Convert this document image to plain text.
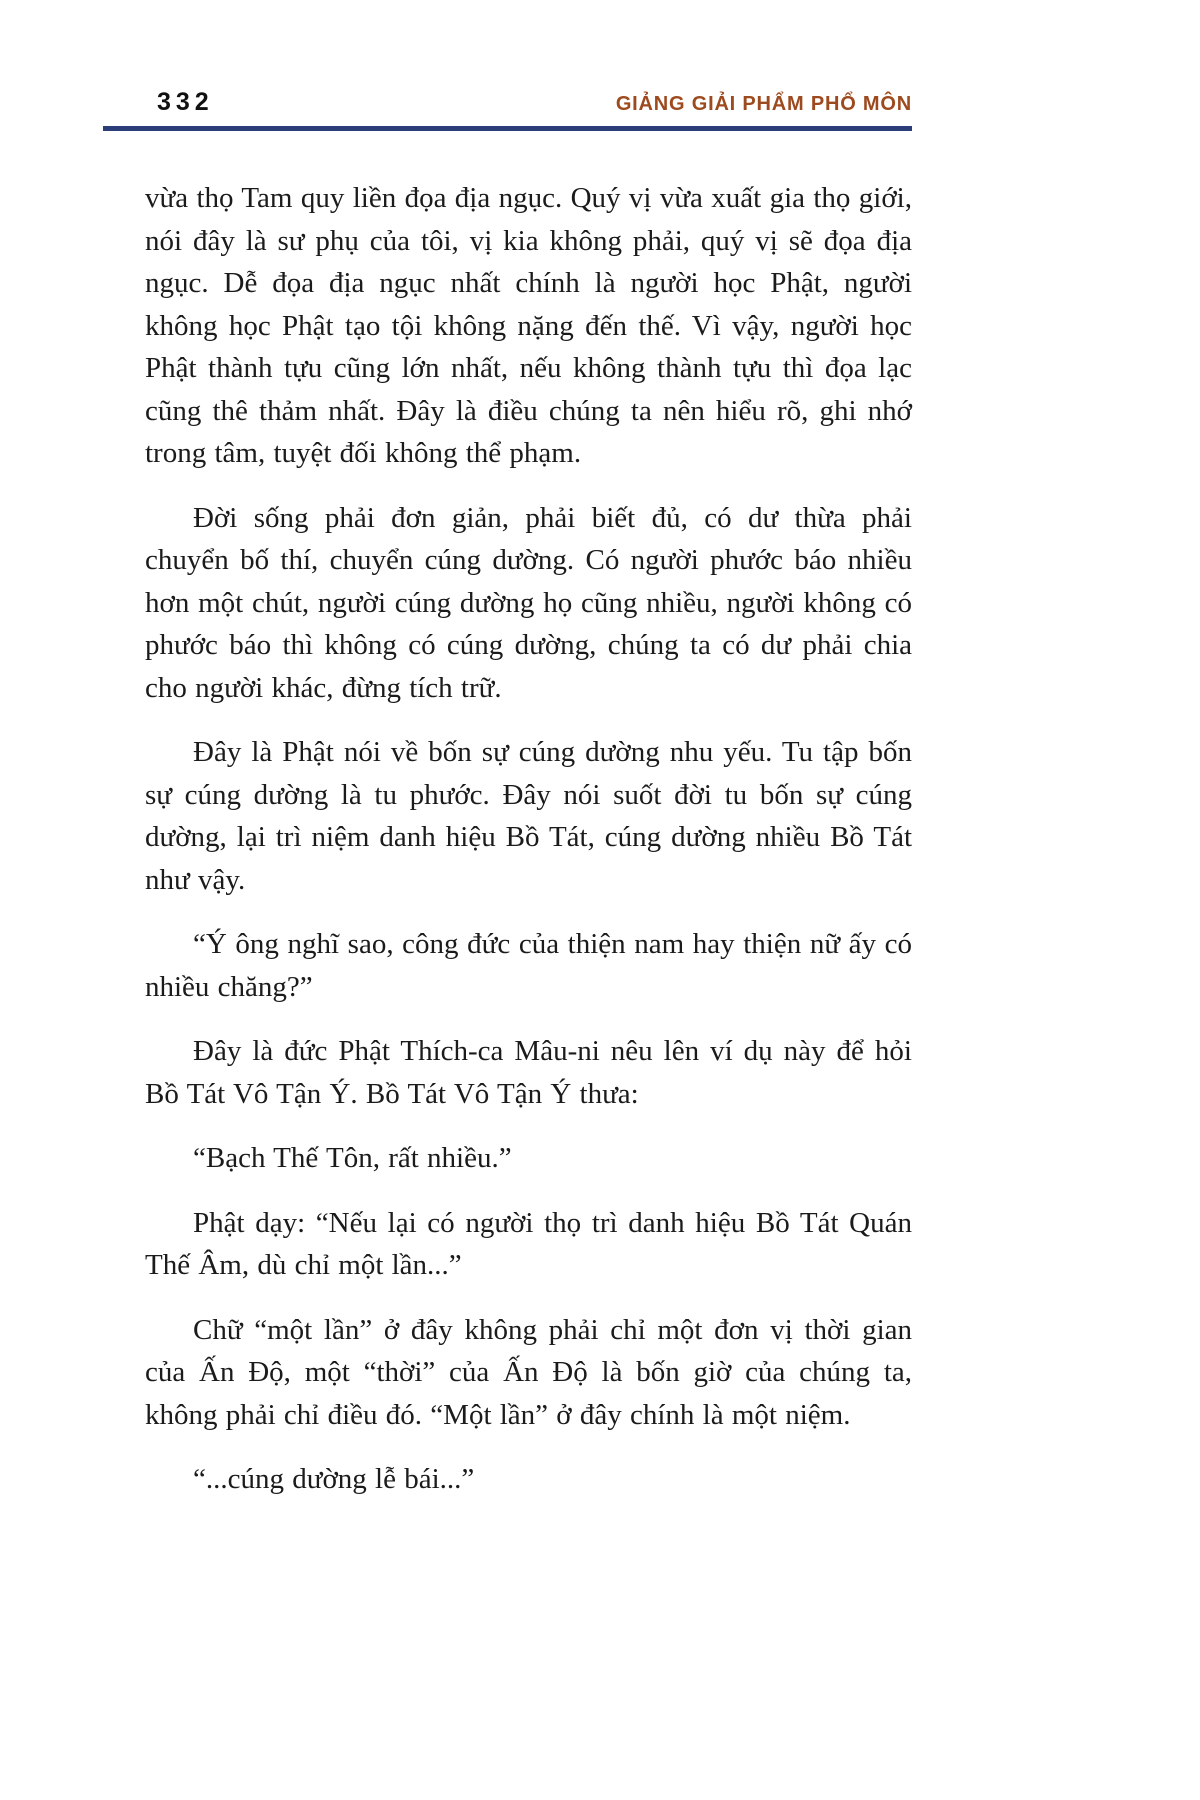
332	GIẢNG GIẢI PHẨM PHỔ MÔN

vừa thọ Tam quy liền đọa địa ngục. Quý vị vừa xuất gia thọ giới, nói đây là sư phụ của tôi, vị kia không phải, quý vị sẽ đọa địa ngục. Dễ đọa địa ngục nhất chính là người học Phật, người không học Phật tạo tội không nặng đến thế. Vì vậy, người học Phật thành tựu cũng lớn nhất, nếu không thành tựu thì đọa lạc cũng thê thảm nhất. Đây là điều chúng ta nên hiểu rõ, ghi nhớ trong tâm, tuyệt đối không thể phạm.

Đời sống phải đơn giản, phải biết đủ, có dư thừa phải chuyển bố thí, chuyển cúng dường. Có người phước báo nhiều hơn một chút, người cúng dường họ cũng nhiều, người không có phước báo thì không có cúng dường, chúng ta có dư phải chia cho người khác, đừng tích trữ.

Đây là Phật nói về bốn sự cúng dường nhu yếu. Tu tập bốn sự cúng dường là tu phước. Đây nói suốt đời tu bốn sự cúng dường, lại trì niệm danh hiệu Bồ Tát, cúng dường nhiều Bồ Tát như vậy.

“Ý ông nghĩ sao, công đức của thiện nam hay thiện nữ ấy có nhiều chăng?”

Đây là đức Phật Thích-ca Mâu-ni nêu lên ví dụ này để hỏi Bồ Tát Vô Tận Ý. Bồ Tát Vô Tận Ý thưa:

“Bạch Thế Tôn, rất nhiều.”

Phật dạy: “Nếu lại có người thọ trì danh hiệu Bồ Tát Quán Thế Âm, dù chỉ một lần...”

Chữ “một lần” ở đây không phải chỉ một đơn vị thời gian của Ấn Độ, một “thời” của Ấn Độ là bốn giờ của chúng ta, không phải chỉ điều đó. “Một lần” ở đây chính là một niệm.

“...cúng dường lễ bái...”
